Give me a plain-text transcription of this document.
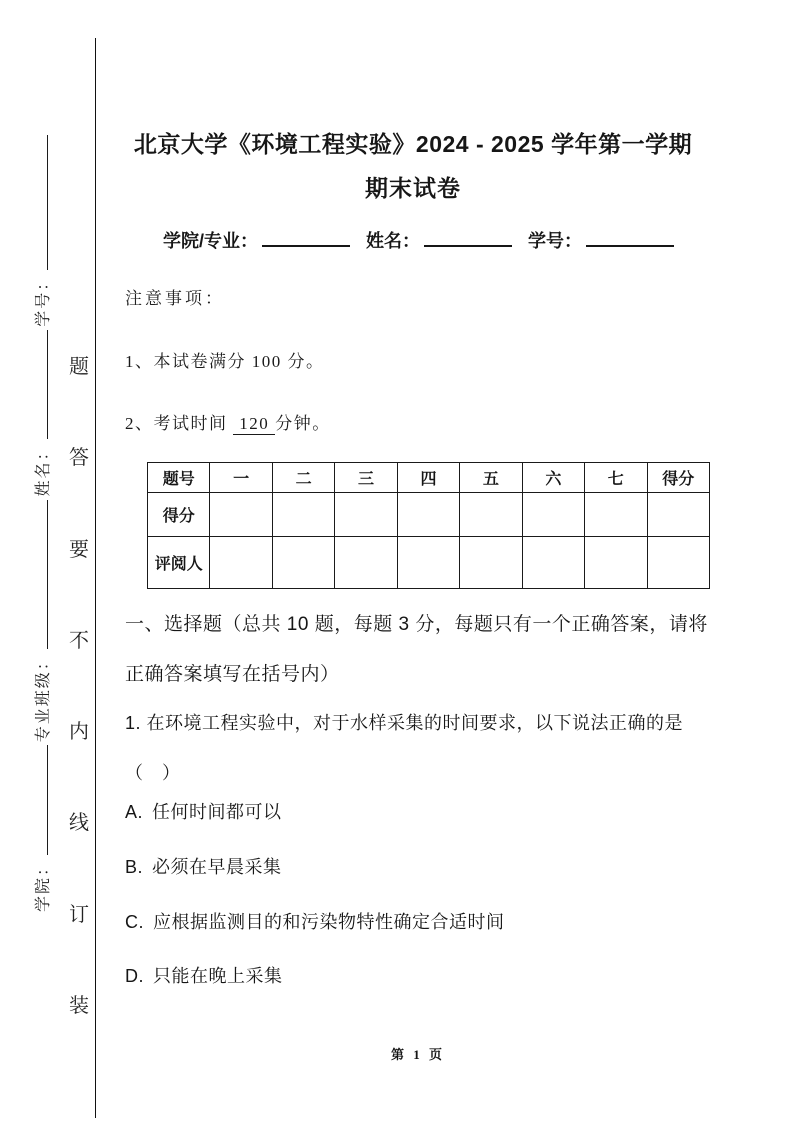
学院：
专业班级：
姓名：
学号：
题
答
要
不
内
线
订
装
北京大学《环境工程实验》2024 - 2025 学年第一学期
期末试卷
学院/专业：	姓名：	学号：
注意事项：
1、本试卷满分 100 分。
2、考试时间 120 分钟。
题号	一	二	三	四	五	六	七	得分
得分								
评阅人								
一、选择题（总共 10 题，每题 3 分，每题只有一个正确答案，请将正确答案填写在括号内）
1. 在环境工程实验中，对于水样采集的时间要求，以下说法正确的是
（　）
A. 任何时间都可以
B. 必须在早晨采集
C. 应根据监测目的和污染物特性确定合适时间
D. 只能在晚上采集
第 1 页
